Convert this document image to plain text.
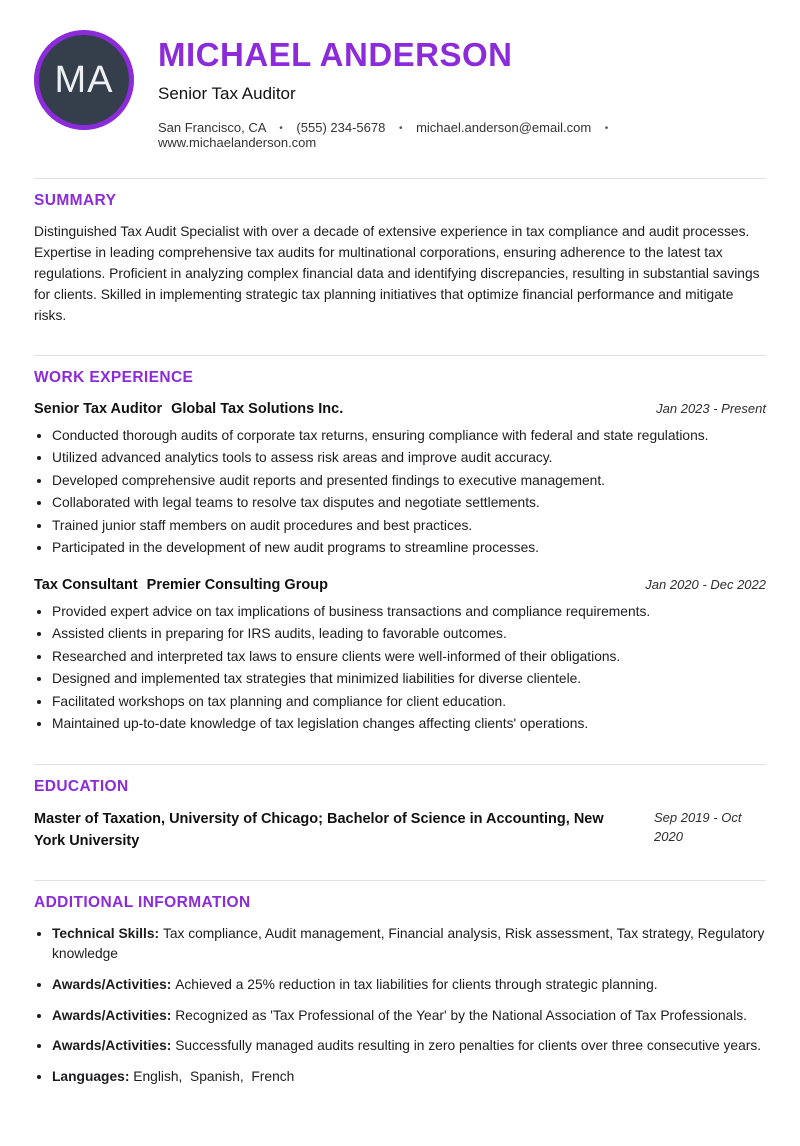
MA
MICHAEL ANDERSON
Senior Tax Auditor
San Francisco, CA • (555) 234-5678 • michael.anderson@email.com • www.michaelanderson.com
SUMMARY

Distinguished Tax Audit Specialist with over a decade of extensive experience in tax compliance and audit processes. Expertise in leading comprehensive tax audits for multinational corporations, ensuring adherence to the latest tax regulations. Proficient in analyzing complex financial data and identifying discrepancies, resulting in substantial savings for clients. Skilled in implementing strategic tax planning initiatives that optimize financial performance and mitigate risks.

WORK EXPERIENCE
Senior Tax Auditor Global Tax Solutions Inc.	Jan 2023 - Present
• Conducted thorough audits of corporate tax returns, ensuring compliance with federal and state regulations.
• Utilized advanced analytics tools to assess risk areas and improve audit accuracy.
• Developed comprehensive audit reports and presented findings to executive management.
• Collaborated with legal teams to resolve tax disputes and negotiate settlements.
• Trained junior staff members on audit procedures and best practices.
• Participated in the development of new audit programs to streamline processes.
Tax Consultant Premier Consulting Group	Jan 2020 - Dec 2022
• Provided expert advice on tax implications of business transactions and compliance requirements.
• Assisted clients in preparing for IRS audits, leading to favorable outcomes.
• Researched and interpreted tax laws to ensure clients were well-informed of their obligations.
• Designed and implemented tax strategies that minimized liabilities for diverse clientele.
• Facilitated workshops on tax planning and compliance for client education.
• Maintained up-to-date knowledge of tax legislation changes affecting clients' operations.
EDUCATION
Master of Taxation, University of Chicago; Bachelor of Science in Accounting, New York University
Sep 2019 - Oct 2020
ADDITIONAL INFORMATION
• Technical Skills: Tax compliance, Audit management, Financial analysis, Risk assessment, Tax strategy, Regulatory knowledge
• Awards/Activities: Achieved a 25% reduction in tax liabilities for clients through strategic planning.
• Awards/Activities: Recognized as 'Tax Professional of the Year' by the National Association of Tax Professionals.
• Awards/Activities: Successfully managed audits resulting in zero penalties for clients over three consecutive years.
• Languages: English,  Spanish,  French
